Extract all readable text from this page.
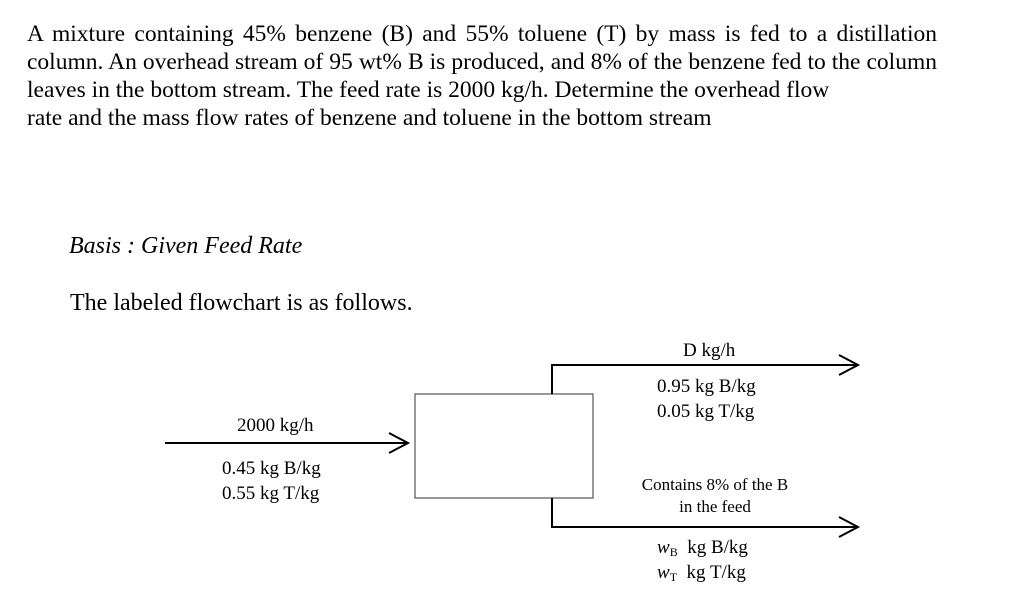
A mixture containing 45% benzene (B) and 55% toluene (T) by mass is fed to a distillation column. An overhead stream of 95 wt% B is produced, and 8% of the benzene fed to the column leaves in the bottom stream. The feed rate is 2000 kg/h. Determine the overhead flow
rate and the mass flow rates of benzene and toluene in the bottom stream
Basis : Given Feed Rate
The labeled flowchart is as follows.
2000 kg/h
0.45 kg B/kg
0.55 kg T/kg
D kg/h
0.95 kg B/kg
0.05 kg T/kg
Contains 8% of the B
in the feed
$w_B$ kg B/kg
$w_T$ kg T/kg
